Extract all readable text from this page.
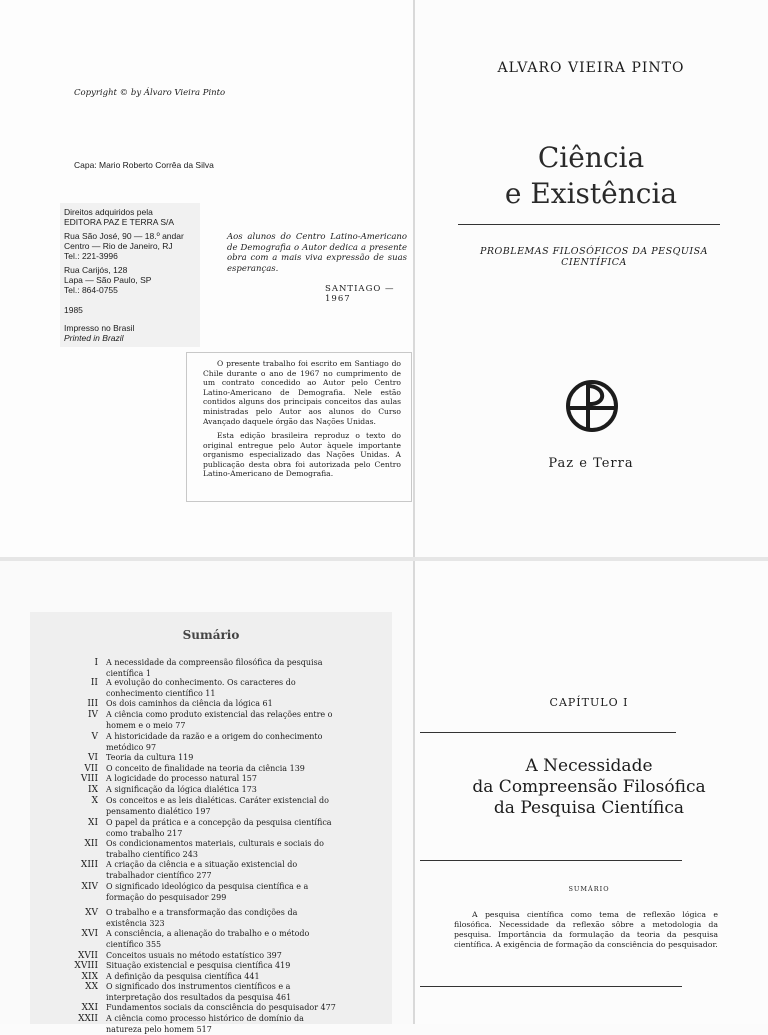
Copyright © by Álvaro Vieira Pinto
Capa: Mario Roberto Corrêa da Silva
Direitos adquiridos pela
EDITORA PAZ E TERRA S/A
Rua São José, 90 — 18.º andar
Centro — Rio de Janeiro, RJ
Tel.: 221-3996
Rua Carijós, 128
Lapa — São Paulo, SP
Tel.: 864-0755
1985
Impresso no Brasil
Printed in Brazil
Aos alunos do Centro Latino-Americano de Demografia o Autor dedica a presente obra com a mais viva expressão de suas esperanças.
SANTIAGO — 1967

O presente trabalho foi escrito em Santiago do Chile durante o ano de 1967 no cumprimento de um contrato concedido ao Autor pelo Centro Latino-Americano de Demografia. Nele estão contidos alguns dos principais conceitos das aulas ministradas pelo Autor aos alunos do Curso Avançado daquele órgão das Nações Unidas.

Esta edição brasileira reproduz o texto do original entregue pelo Autor àquele importante organismo especializado das Nações Unidas. A publicação desta obra foi autorizada pelo Centro Latino-Americano de Demografia.

ALVARO VIEIRA PINTO
Ciência
e Existência
PROBLEMAS FILOSÓFICOS DA PESQUISA CIENTÍFICA
Paz e Terra
Sumário
I A necessidade da compreensão filosófica da pesquisa científica 1
II A evolução do conhecimento. Os caracteres do conhecimento científico 11
III Os dois caminhos da ciência da lógica 61
IV A ciência como produto existencial das relações entre o homem e o meio 77
V A historicidade da razão e a origem do conhecimento metódico 97
VI Teoria da cultura 119
VII O conceito de finalidade na teoria da ciência 139
VIII A logicidade do processo natural 157
IX A significação da lógica dialética 173
X Os conceitos e as leis dialéticas. Caráter existencial do pensamento dialético 197
XI O papel da prática e a concepção da pesquisa científica como trabalho 217
XII Os condicionamentos materiais, culturais e sociais do trabalho científico 243
XIII A criação da ciência e a situação existencial do trabalhador científico 277
XIV O significado ideológico da pesquisa científica e a formação do pesquisador 299
XV O trabalho e a transformação das condições da existência 323
XVI A consciência, a alienação do trabalho e o método científico 355
XVII Conceitos usuais no método estatístico 397
XVIII Situação existencial e pesquisa científica 419
XIX A definição da pesquisa científica 441
XX O significado dos instrumentos científicos e a interpretação dos resultados da pesquisa 461
XXI Fundamentos sociais da consciência do pesquisador 477
XXII A ciência como processo histórico de domínio da natureza pelo homem 517
CAPÍTULO I
A Necessidade
da Compreensão Filosófica
da Pesquisa Científica
SUMÁRIO
A pesquisa científica como tema de reflexão lógica e filosófica. Necessidade da reflexão sôbre a metodologia da pesquisa. Importância da formulação da teoria da pesquisa científica. A exigência de formação da consciência do pesquisador.
